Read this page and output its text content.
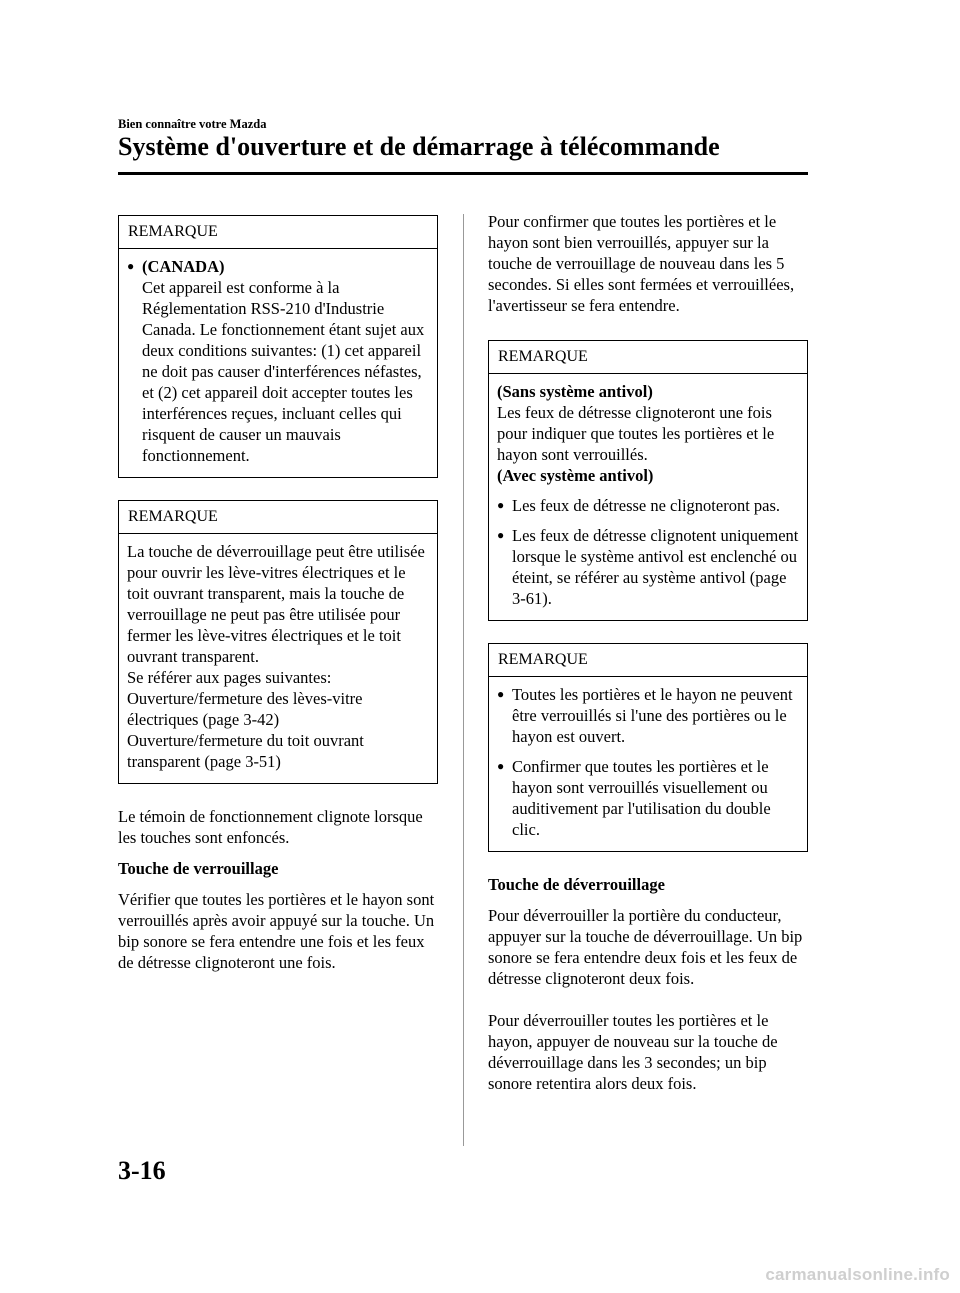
Bien connaître votre Mazda
Système d'ouverture et de démarrage à télécommande
REMARQUE
● (CANADA)

Cet appareil est conforme à la Réglementation RSS-210 d'Industrie Canada. Le fonctionnement étant sujet aux deux conditions suivantes: (1) cet appareil ne doit pas causer d'interférences néfastes, et (2) cet appareil doit accepter toutes les interférences reçues, incluant celles qui risquent de causer un mauvais fonctionnement.

REMARQUE

La touche de déverrouillage peut être utilisée pour ouvrir les lève-vitres électriques et le toit ouvrant transparent, mais la touche de verrouillage ne peut pas être utilisée pour fermer les lève-vitres électriques et le toit ouvrant transparent.

Se référer aux pages suivantes:

Ouverture/fermeture des lèves-vitre électriques (page 3-42)

Ouverture/fermeture du toit ouvrant transparent (page 3-51)

Le témoin de fonctionnement clignote lorsque les touches sont enfoncés.

Touche de verrouillage

Vérifier que toutes les portières et le hayon sont verrouillés après avoir appuyé sur la touche. Un bip sonore se fera entendre une fois et les feux de détresse clignoteront une fois.

Pour confirmer que toutes les portières et le hayon sont bien verrouillés, appuyer sur la touche de verrouillage de nouveau dans les 5 secondes. Si elles sont fermées et verrouillées, l'avertisseur se fera entendre.

REMARQUE

(Sans système antivol)

Les feux de détresse clignoteront une fois pour indiquer que toutes les portières et le hayon sont verrouillés.

(Avec système antivol)

● Les feux de détresse ne clignoteront pas.
● Les feux de détresse clignotent uniquement lorsque le système antivol est enclenché ou éteint, se référer au système antivol (page 3-61).
REMARQUE
● Toutes les portières et le hayon ne peuvent être verrouillés si l'une des portières ou le hayon est ouvert.
● Confirmer que toutes les portières et le hayon sont verrouillés visuellement ou auditivement par l'utilisation du double clic.

Touche de déverrouillage

Pour déverrouiller la portière du conducteur, appuyer sur la touche de déverrouillage. Un bip sonore se fera entendre deux fois et les feux de détresse clignoteront deux fois.

Pour déverrouiller toutes les portières et le hayon, appuyer de nouveau sur la touche de déverrouillage dans les 3 secondes; un bip sonore retentira alors deux fois.

3-16
carmanualsonline.info
